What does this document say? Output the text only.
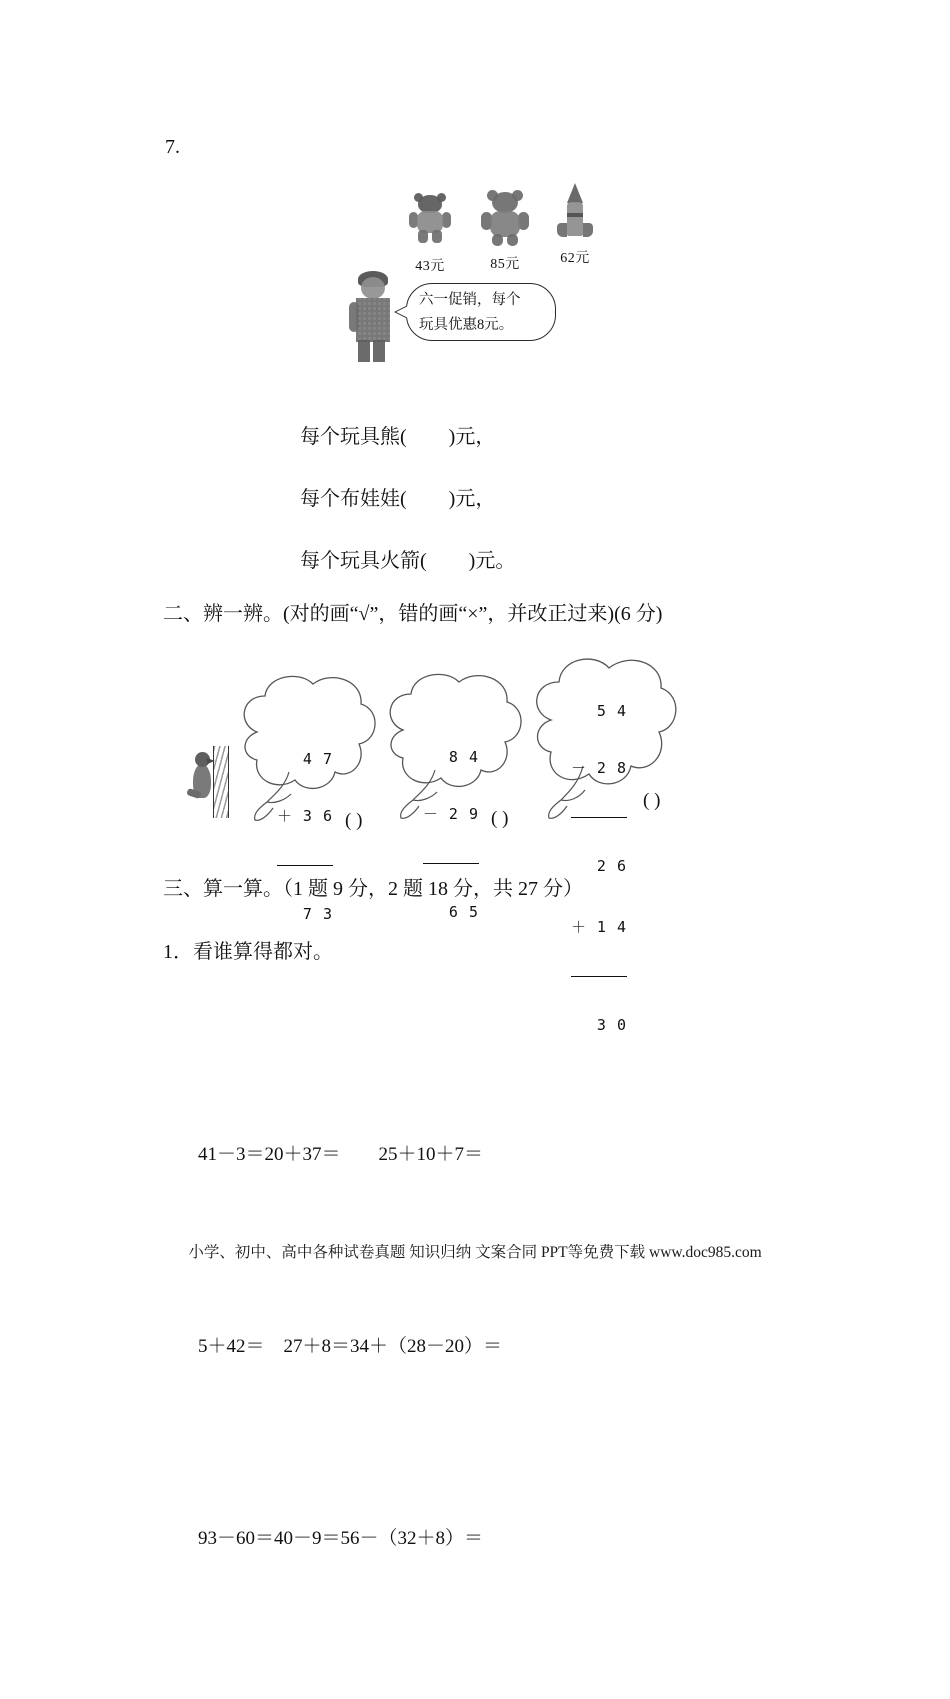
7.
43元	85元	62元
六一促销，每个
玩具优惠8元。
每个玩具熊( )元，
每个布娃娃( )元，
每个玩具火箭( )元。
二、辨一辨。(对的画“√”，错的画“×”，并改正过来)(6 分)

4 7

＋ 3 6

7 3

( )

8 4

－ 2 9

6 5

( )

5 4

－ 2 8

2 6

＋ 1 4

3 0

( )
三、算一算。（1 题 9 分，2 题 18 分，共 27 分）
1．看谁算得都对。

41－3＝20＋37＝        25＋10＋7＝

5＋42＝    27＋8＝34＋（28－20）＝

93－60＝40－9＝56－（32＋8）＝

小学、初中、高中各种试卷真题 知识归纳 文案合同 PPT等免费下载 www.doc985.com
